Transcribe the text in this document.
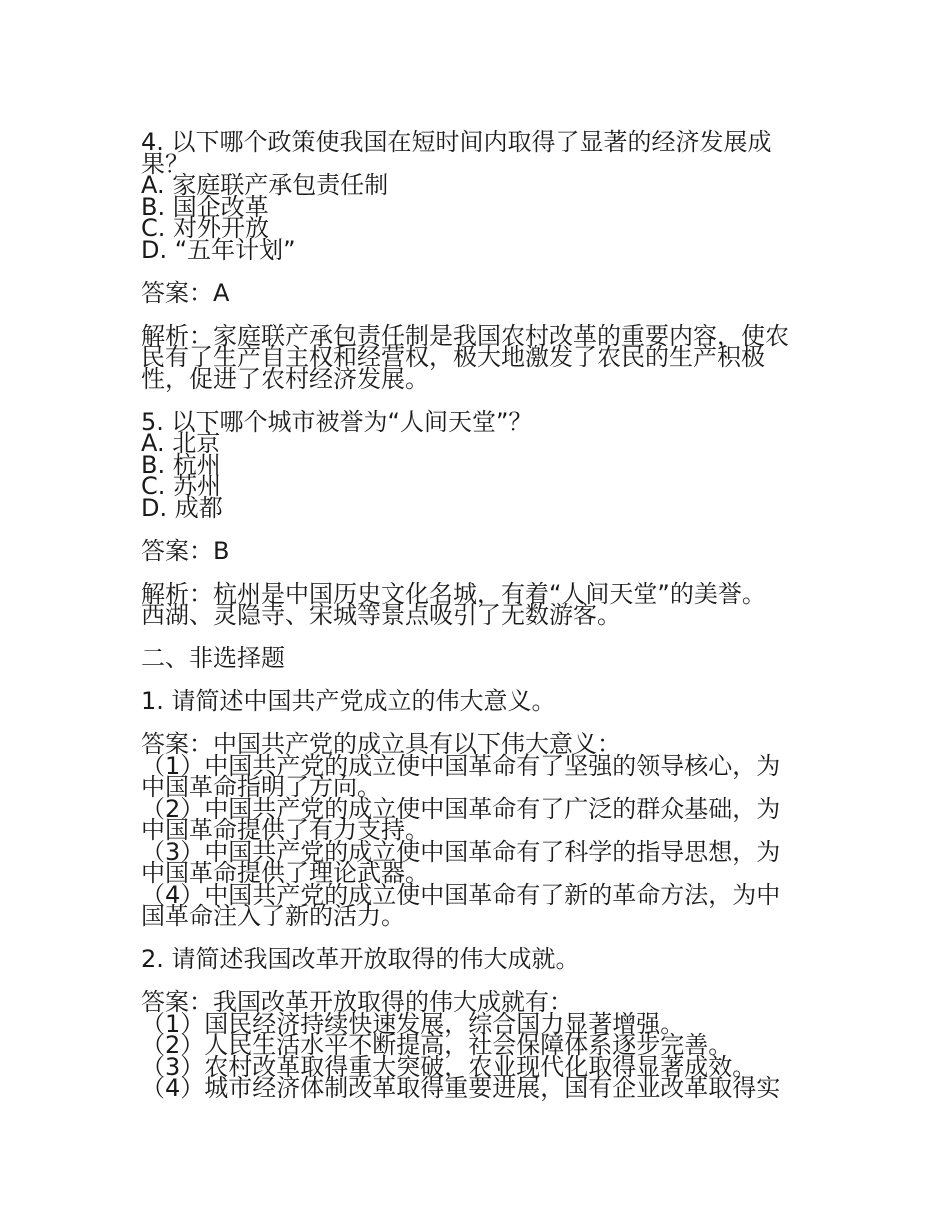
4. 以下哪个政策使我国在短时间内取得了显著的经济发展成
果？
A. 家庭联产承包责任制
B. 国企改革
C. 对外开放
D. “五年计划”
答案：A
解析：家庭联产承包责任制是我国农村改革的重要内容，使农
民有了生产自主权和经营权，极大地激发了农民的生产积极
性，促进了农村经济发展。
5. 以下哪个城市被誉为“人间天堂”？
A. 北京
B. 杭州
C. 苏州
D. 成都
答案：B
解析：杭州是中国历史文化名城，有着“人间天堂”的美誉。
西湖、灵隐寺、宋城等景点吸引了无数游客。
二、非选择题
1. 请简述中国共产党成立的伟大意义。
答案：中国共产党的成立具有以下伟大意义：
（1）中国共产党的成立使中国革命有了坚强的领导核心，为
中国革命指明了方向。
（2）中国共产党的成立使中国革命有了广泛的群众基础，为
中国革命提供了有力支持。
（3）中国共产党的成立使中国革命有了科学的指导思想，为
中国革命提供了理论武器。
（4）中国共产党的成立使中国革命有了新的革命方法，为中
国革命注入了新的活力。
2. 请简述我国改革开放取得的伟大成就。
答案：我国改革开放取得的伟大成就有：
（1）国民经济持续快速发展，综合国力显著增强。
（2）人民生活水平不断提高，社会保障体系逐步完善。
（3）农村改革取得重大突破，农业现代化取得显著成效。
（4）城市经济体制改革取得重要进展，国有企业改革取得实
